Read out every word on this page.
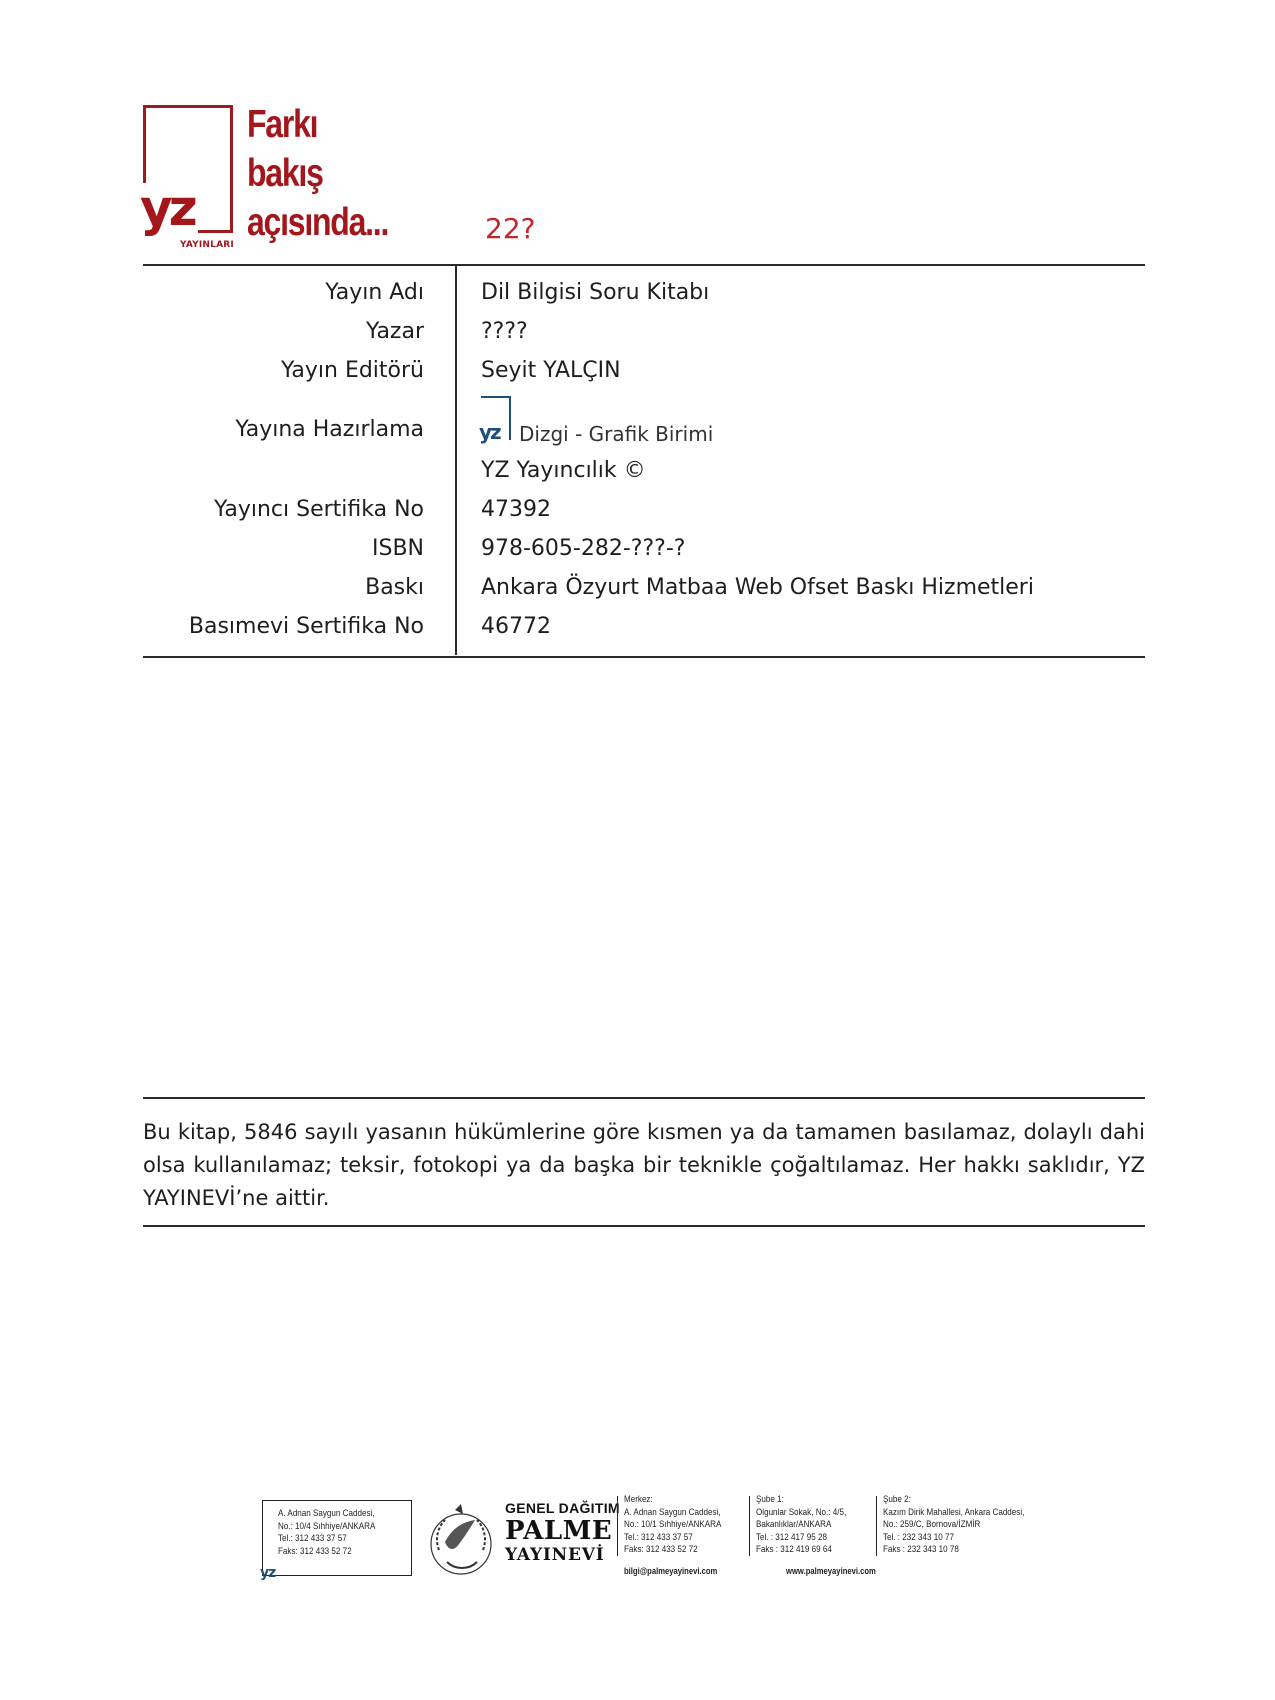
yz
YAYINLARI
Farkı
bakış
açısında...	22?
Yayın Adı	Dil Bilgisi Soru Kitabı
Yazar	????
Yayın Editörü	Seyit YALÇIN
Yayına Hazırlama	yz Dizgi - Grafik Birimi
YZ Yayıncılık ©
Yayıncı Sertifika No	47392
ISBN	978-605-282-???-?
Baskı	Ankara Özyurt Matbaa Web Ofset Baskı Hizmetleri
Basımevi Sertifika No	46772
Bu kitap, 5846 sayılı yasanın hükümlerine göre kısmen ya da tamamen basılamaz, dolaylı dahi olsa kullanılamaz; teksir, fotokopi ya da başka bir teknikle çoğaltılamaz. Her hakkı saklıdır, YZ YAYINEVİ’ne aittir.
A. Adnan Saygun Caddesi,
No.: 10/4 Sıhhiye/ANKARA
Tel.: 312 433 37 57
Faks: 312 433 52 72
yz
GENEL DAĞITIM
PALME
YAYINEVİ
Merkez:
A. Adnan Saygun Caddesi,
No.: 10/1 Sıhhiye/ANKARA
Tel.: 312 433 37 57
Faks: 312 433 52 72
Şube 1:
Olgunlar Sokak, No.: 4/5,
Bakanlıklar/ANKARA
Tel. : 312 417 95 28
Faks : 312 419 69 64
Şube 2:
Kazım Dirik Mahallesi, Ankara Caddesi,
No.: 259/C, Bornova/İZMİR
Tel. : 232 343 10 77
Faks : 232 343 10 78
bilgi@palmeyayinevi.com	www.palmeyayinevi.com
